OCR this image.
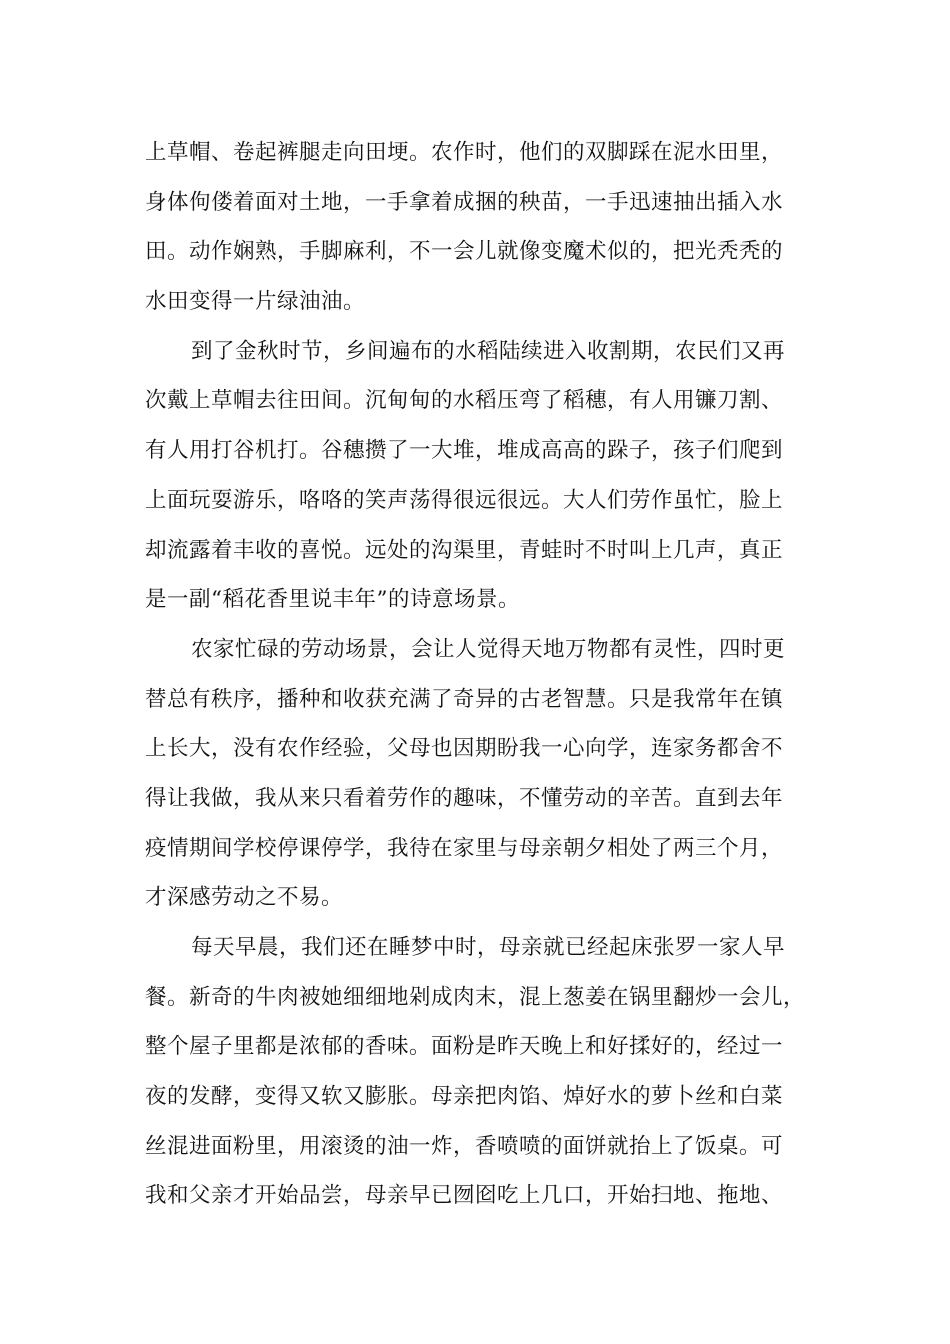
上草帽、卷起裤腿走向田埂。农作时，他们的双脚踩在泥水田里，
身体佝偻着面对土地，一手拿着成捆的秧苗，一手迅速抽出插入水
田。动作娴熟，手脚麻利，不一会儿就像变魔术似的，把光秃秃的
水田变得一片绿油油。
到了金秋时节，乡间遍布的水稻陆续进入收割期，农民们又再
次戴上草帽去往田间。沉甸甸的水稻压弯了稻穗，有人用镰刀割、
有人用打谷机打。谷穗攒了一大堆，堆成高高的跺子，孩子们爬到
上面玩耍游乐，咯咯的笑声荡得很远很远。大人们劳作虽忙，脸上
却流露着丰收的喜悦。远处的沟渠里，青蛙时不时叫上几声，真正
是一副“稻花香里说丰年”的诗意场景。
农家忙碌的劳动场景，会让人觉得天地万物都有灵性，四时更
替总有秩序，播种和收获充满了奇异的古老智慧。只是我常年在镇
上长大，没有农作经验，父母也因期盼我一心向学，连家务都舍不
得让我做，我从来只看着劳作的趣味，不懂劳动的辛苦。直到去年
疫情期间学校停课停学，我待在家里与母亲朝夕相处了两三个月，
才深感劳动之不易。
每天早晨，我们还在睡梦中时，母亲就已经起床张罗一家人早
餐。新奇的牛肉被她细细地剁成肉末，混上葱姜在锅里翻炒一会儿，
整个屋子里都是浓郁的香味。面粉是昨天晚上和好揉好的，经过一
夜的发酵，变得又软又膨胀。母亲把肉馅、焯好水的萝卜丝和白菜
丝混进面粉里，用滚烫的油一炸，香喷喷的面饼就抬上了饭桌。可
我和父亲才开始品尝，母亲早已囫囵吃上几口，开始扫地、拖地、
